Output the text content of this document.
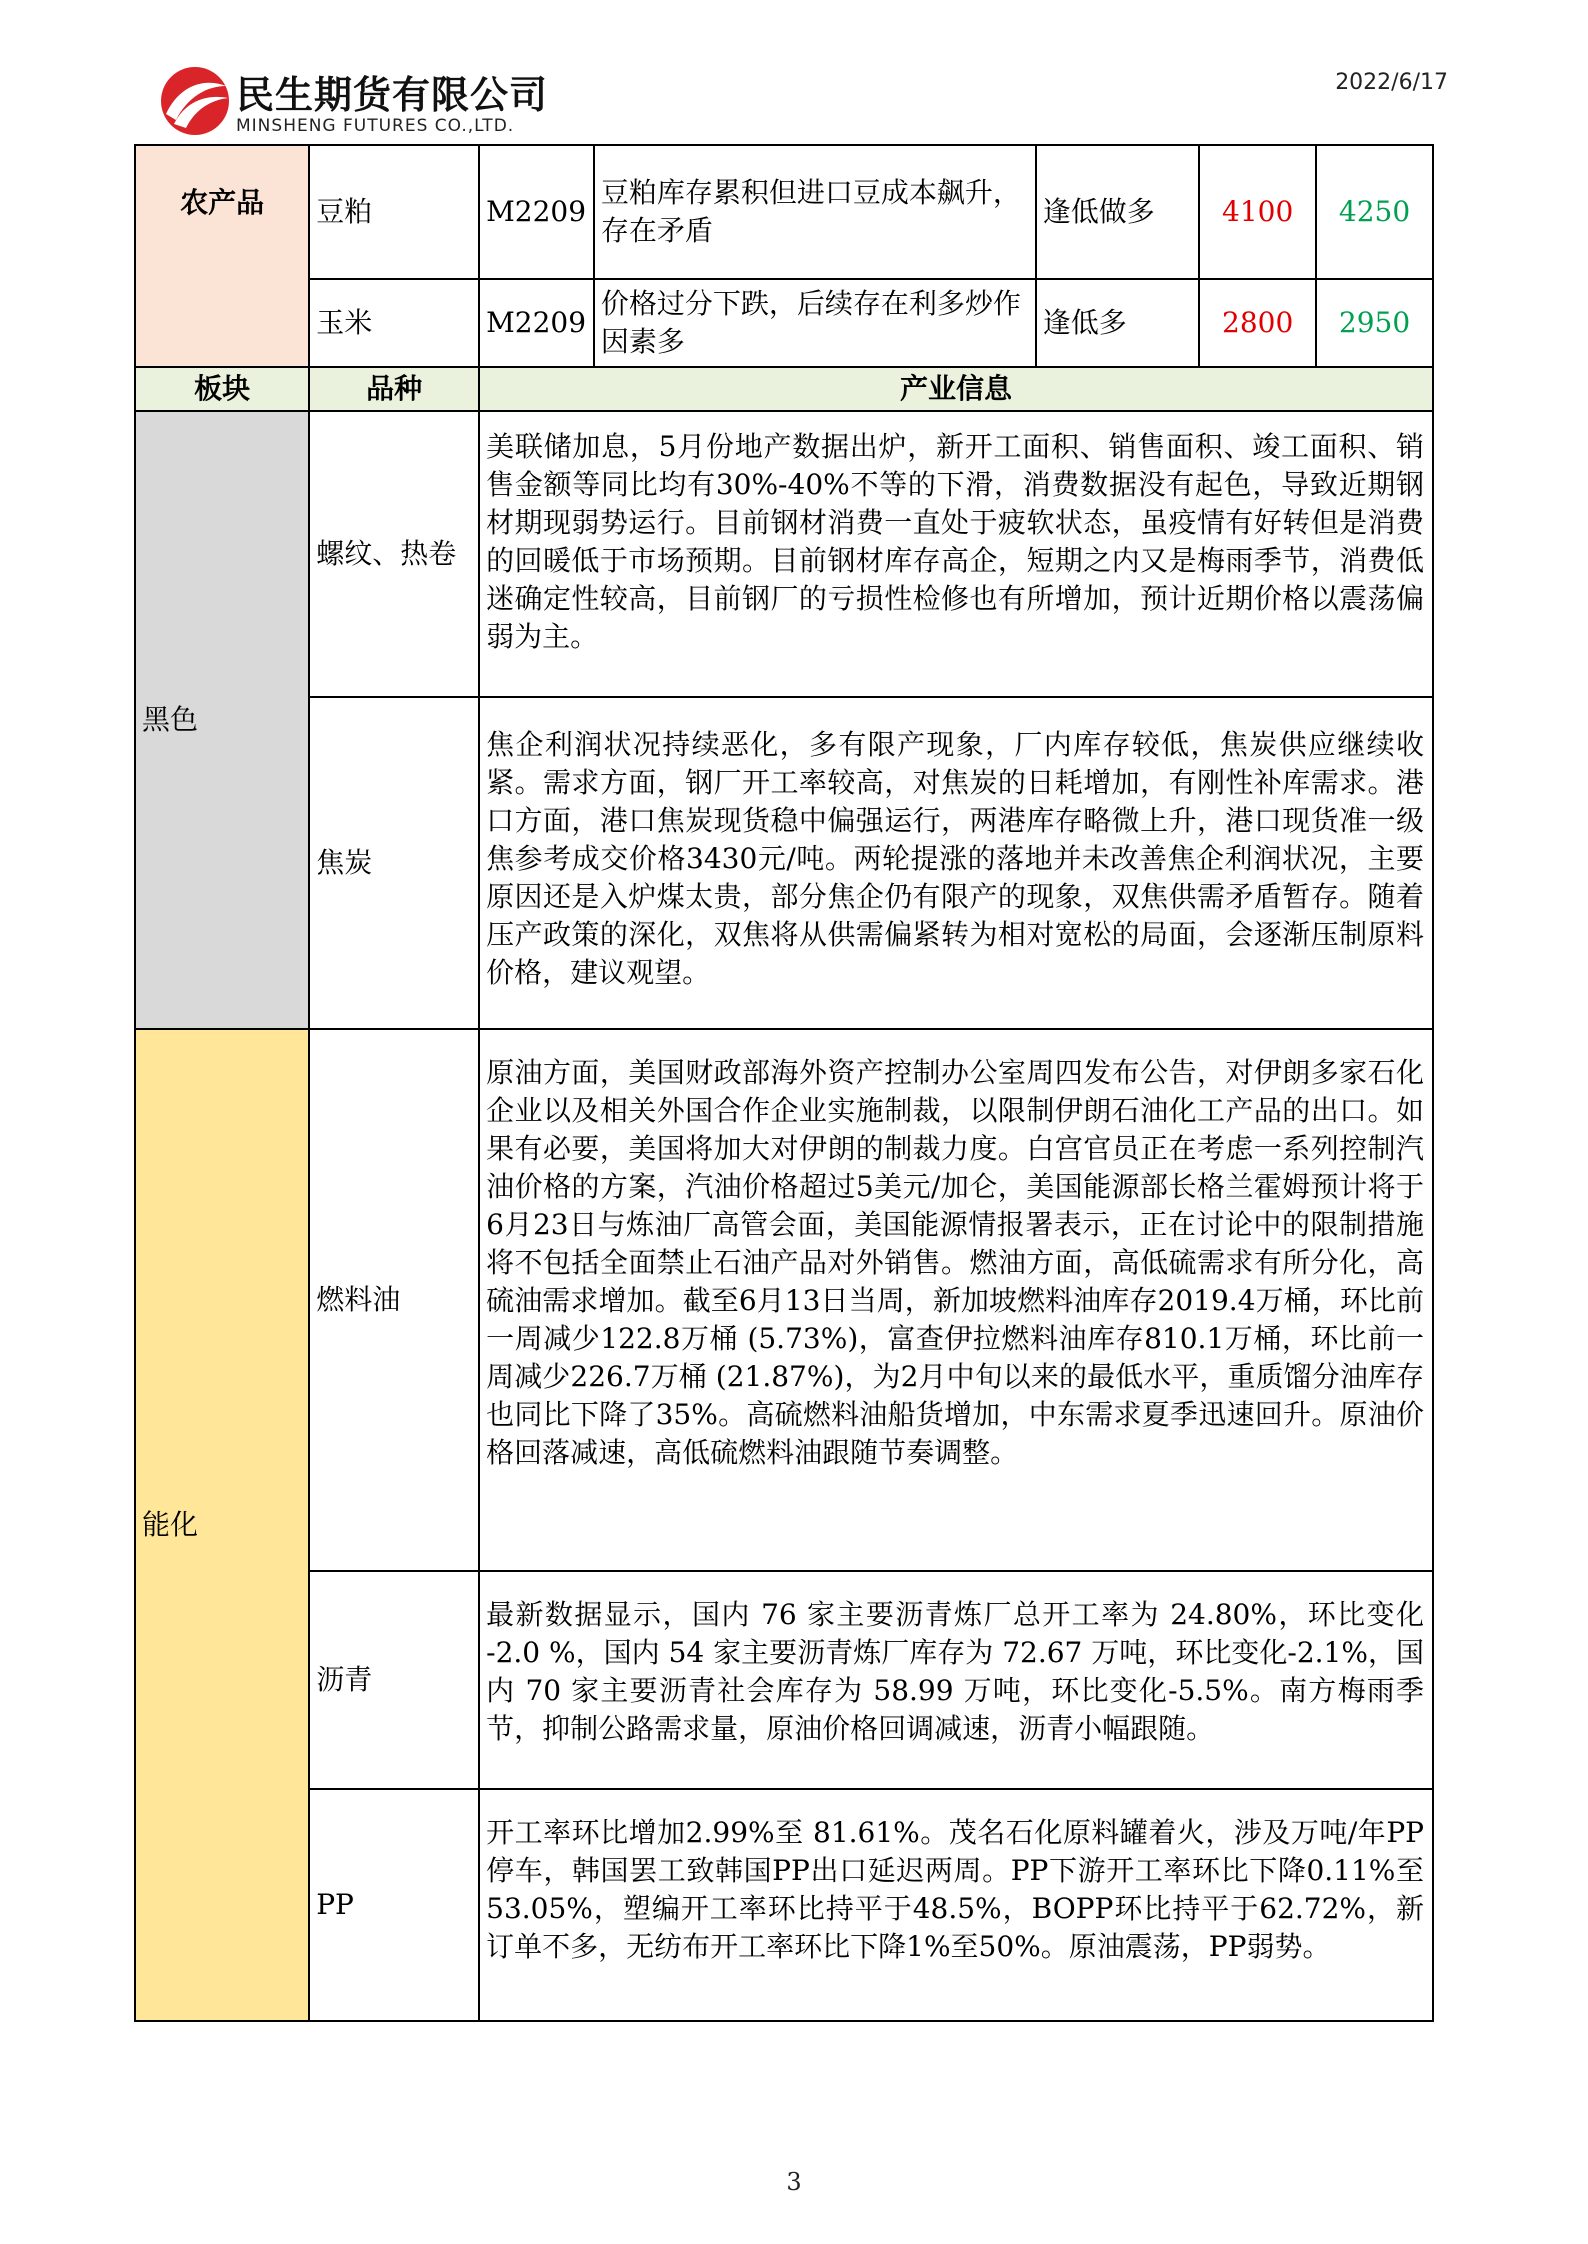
民生期货有限公司
MINSHENG FUTURES CO.,LTD.
2022/6/17
农产品	豆粕	M2209	豆粕库存累积但进口豆成本飙升，存在矛盾	逢低做多	4100	4250
	玉米	M2209	价格过分下跌，后续存在利多炒作因素多	逢低多	2800	2950
板块	品种	产业信息				
黑色	螺纹、热卷	美联储加息，5月份地产数据出炉，新开工面积、销售面积、竣工面积、销售金额等同比均有30%-40%不等的下滑，消费数据没有起色，导致近期钢材期现弱势运行。目前钢材消费一直处于疲软状态，虽疫情有好转但是消费的回暖低于市场预期。目前钢材库存高企，短期之内又是梅雨季节，消费低迷确定性较高，目前钢厂的亏损性检修也有所增加，预计近期价格以震荡偏弱为主。				
	焦炭	焦企利润状况持续恶化，多有限产现象，厂内库存较低，焦炭供应继续收紧。需求方面，钢厂开工率较高，对焦炭的日耗增加，有刚性补库需求。港口方面，港口焦炭现货稳中偏强运行，两港库存略微上升，港口现货准一级焦参考成交价格3430元/吨。两轮提涨的落地并未改善焦企利润状况，主要原因还是入炉煤太贵，部分焦企仍有限产的现象，双焦供需矛盾暂存。随着压产政策的深化，双焦将从供需偏紧转为相对宽松的局面，会逐渐压制原料价格，建议观望。				
能化	燃料油	原油方面，美国财政部海外资产控制办公室周四发布公告，对伊朗多家石化企业以及相关外国合作企业实施制裁，以限制伊朗石油化工产品的出口。如果有必要，美国将加大对伊朗的制裁力度。白宫官员正在考虑一系列控制汽油价格的方案，汽油价格超过5美元/加仑，美国能源部长格兰霍姆预计将于6月23日与炼油厂高管会面，美国能源情报署表示，正在讨论中的限制措施将不包括全面禁止石油产品对外销售。燃油方面，高低硫需求有所分化，高硫油需求增加。截至6月13日当周，新加坡燃料油库存2019.4万桶，环比前一周减少122.8万桶 (5.73%)，富查伊拉燃料油库存810.1万桶，环比前一周减少226.7万桶 (21.87%)，为2月中旬以来的最低水平，重质馏分油库存也同比下降了35%。高硫燃料油船货增加，中东需求夏季迅速回升。原油价格回落减速，高低硫燃料油跟随节奏调整。				
	沥青	最新数据显示，国内 76 家主要沥青炼厂总开工率为 24.80%，环比变化 -2.0 %，国内 54 家主要沥青炼厂库存为 72.67 万吨，环比变化-2.1%，国内 70 家主要沥青社会库存为 58.99 万吨，环比变化-5.5%。南方梅雨季节，抑制公路需求量，原油价格回调减速，沥青小幅跟随。				
	PP	开工率环比增加2.99%至 81.61%。茂名石化原料罐着火，涉及万吨/年PP停车，韩国罢工致韩国PP出口延迟两周。PP下游开工率环比下降0.11%至53.05%，塑编开工率环比持平于48.5%，BOPP环比持平于62.72%，新订单不多，无纺布开工率环比下降1%至50%。原油震荡，PP弱势。				
3
